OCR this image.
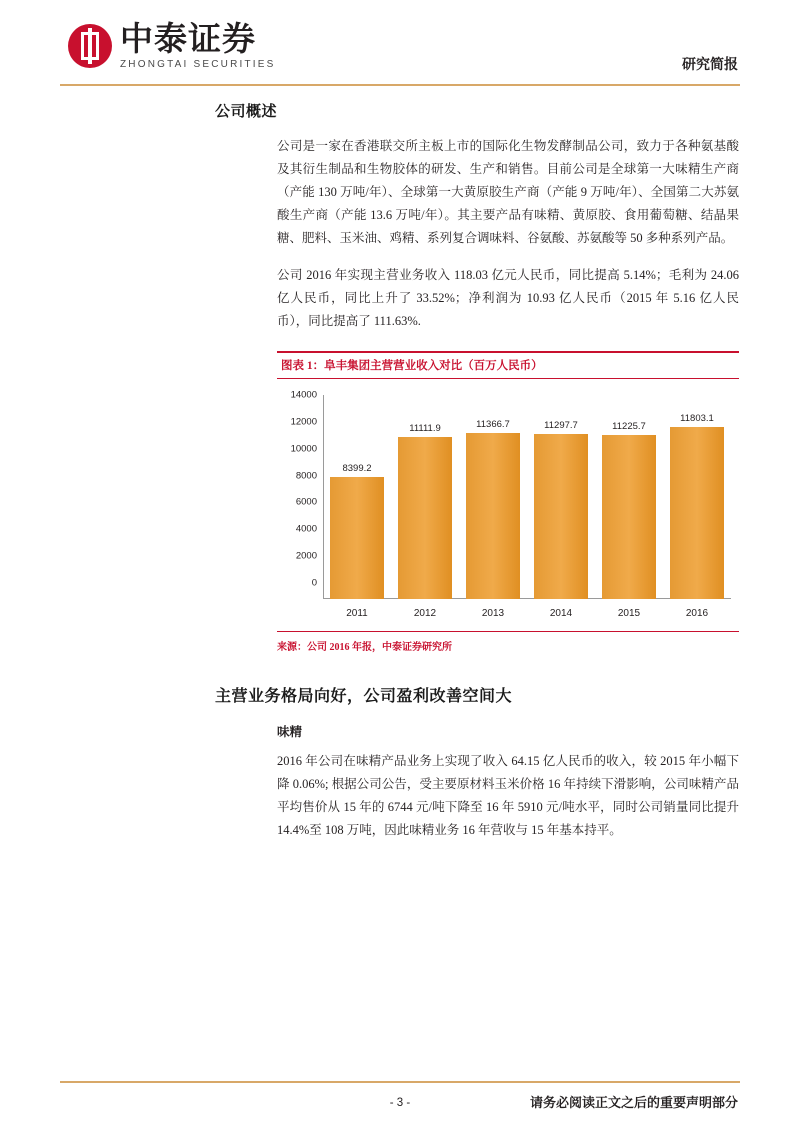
中泰证券
ZHONGTAI SECURITIES	研究简报
公司概述

公司是一家在香港联交所主板上市的国际化生物发酵制品公司，致力于各种氨基酸及其衍生制品和生物胶体的研发、生产和销售。目前公司是全球第一大味精生产商（产能 130 万吨/年）、全球第一大黄原胶生产商（产能 9 万吨/年）、全国第二大苏氨酸生产商（产能 13.6 万吨/年）。其主要产品有味精、黄原胶、食用葡萄糖、结晶果糖、肥料、玉米油、鸡精、系列复合调味料、谷氨酸、苏氨酸等 50 多种系列产品。

公司 2016 年实现主营业务收入 118.03 亿元人民币，同比提高 5.14%；毛利为 24.06 亿人民币，同比上升了 33.52%；净利润为 10.93 亿人民币（2015 年 5.16 亿人民币），同比提高了 111.63%.

图表 1：阜丰集团主营营业收入对比（百万人民币）
8399.2
11111.9	11366.7	11297.7	11225.7
11803.1
0
2000
4000
6000
8000
10000
12000
14000
2011	2012	2013	2014	2015	2016
来源：公司 2016 年报，中泰证券研究所
主营业务格局向好，公司盈利改善空间大
味精

2016 年公司在味精产品业务上实现了收入 64.15 亿人民币的收入，较 2015 年小幅下降 0.06%; 根据公司公告，受主要原材料玉米价格 16 年持续下滑影响，公司味精产品平均售价从 15 年的 6744 元/吨下降至 16 年 5910 元/吨水平，同时公司销量同比提升 14.4%至 108 万吨，因此味精业务 16 年营收与 15 年基本持平。

- 3 -	请务必阅读正文之后的重要声明部分
